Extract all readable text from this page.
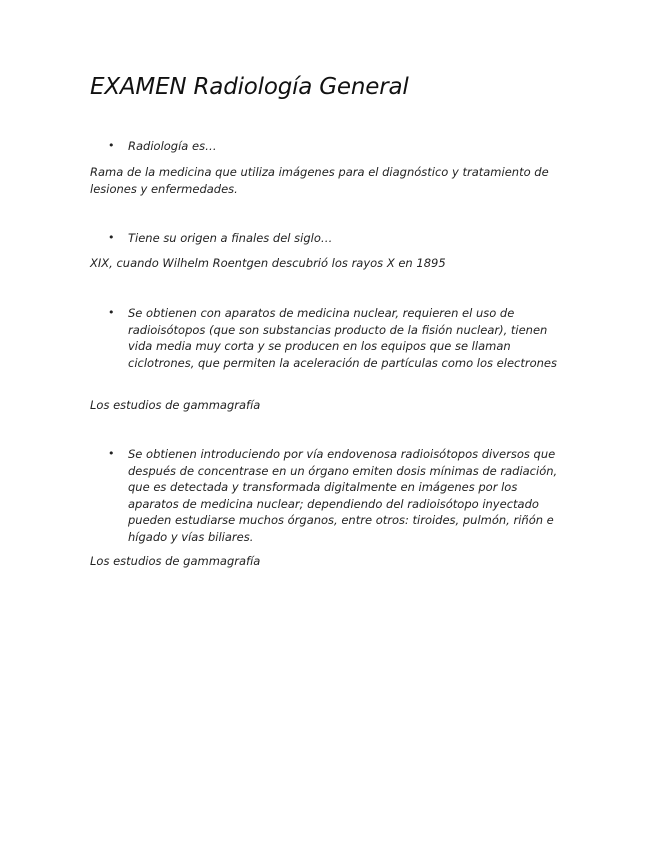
EXAMEN Radiología General
• Radiología es…

Rama de la medicina que utiliza imágenes para el diagnóstico y tratamiento de lesiones y enfermedades.

• Tiene su origen a finales del siglo…

XIX, cuando Wilhelm Roentgen descubrió los rayos X en 1895

• Se obtienen con aparatos de medicina nuclear, requieren el uso de radioisótopos (que son substancias producto de la fisión nuclear), tienen vida media muy corta y se producen en los equipos que se llaman ciclotrones, que permiten la aceleración de partículas como los electrones

Los estudios de gammagrafía

• Se obtienen introduciendo por vía endovenosa radioisótopos diversos que después de concentrase en un órgano emiten dosis mínimas de radiación, que es detectada y transformada digitalmente en imágenes por los aparatos de medicina nuclear; dependiendo del radioisótopo inyectado pueden estudiarse muchos órganos, entre otros: tiroides, pulmón, riñón e hígado y vías biliares.

Los estudios de gammagrafía
